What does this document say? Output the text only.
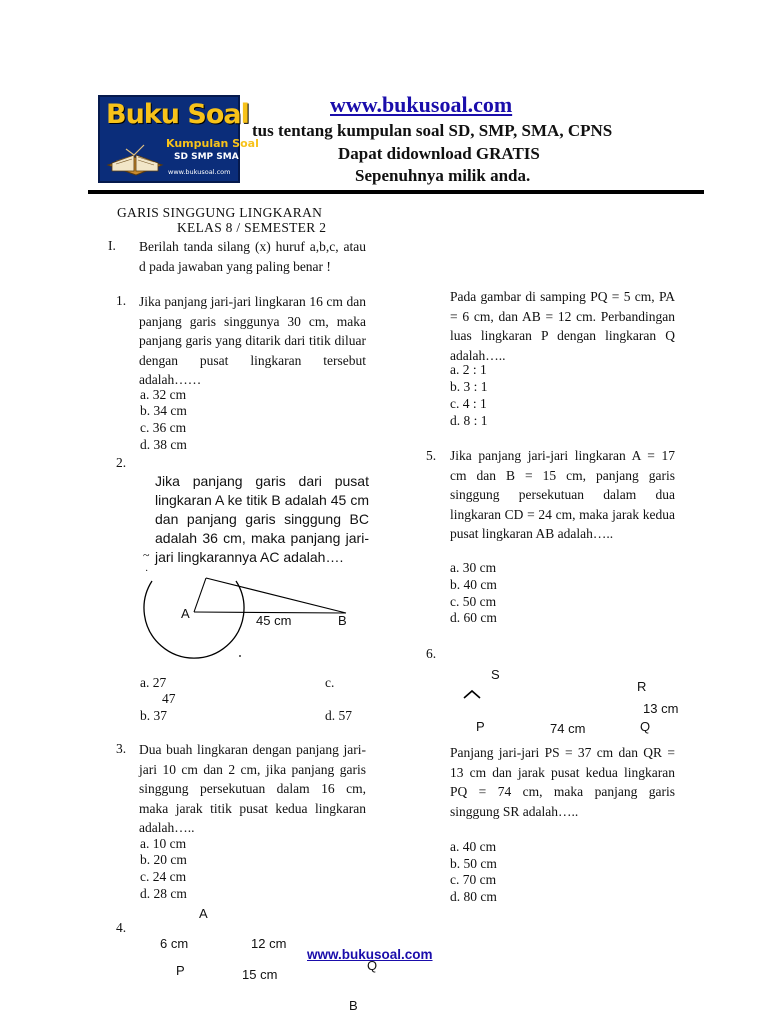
Buku Soal
Kumpulan Soal
SD SMP SMA
www.bukusoal.com
www.bukusoal.com
tus tentang kumpulan soal SD, SMP, SMA, CPNS
Dapat didownload GRATIS
Sepenuhnya milik anda.
GARIS SINGGUNG LINGKARAN
KELAS 8 / SEMESTER 2
I. Berilah tanda silang (x) huruf a,b,c, atau d pada jawaban yang paling benar !
1. Jika panjang jari-jari lingkaran 16 cm dan panjang garis singgunya 30 cm, maka panjang garis yang ditarik dari titik diluar dengan pusat lingkaran tersebut adalah……
a. 32 cm
b. 34 cm
c. 36 cm
d. 38 cm
2.
Jika panjang garis dari pusat lingkaran A ke titik B adalah 45 cm dan panjang garis singgung BC adalah 36 cm, maka panjang jari-jari lingkarannya AC adalah….
~
·
A	45 cm	B
a. 27	c.
47
b. 37	d. 57
3. Dua buah lingkaran dengan panjang jari-jari 10 cm dan 2 cm, jika panjang garis singgung persekutuan dalam 16 cm, maka jarak titik pusat kedua lingkaran adalah…..
a. 10 cm
b. 20 cm
c. 24 cm
d. 28 cm
4.
A
6 cm	12 cm
P	15 cm
Q
B
www.bukusoal.com
Pada gambar di samping PQ = 5 cm, PA = 6 cm, dan AB = 12 cm. Perbandingan luas lingkaran P dengan lingkaran Q adalah…..
a. 2 : 1
b. 3 : 1
c. 4 : 1
d. 8 : 1
5. Jika panjang jari-jari lingkaran A = 17 cm dan B = 15 cm, panjang garis singgung persekutuan dalam dua lingkaran CD = 24 cm, maka jarak kedua pusat lingkaran AB adalah…..
a. 30 cm
b. 40 cm
c. 50 cm
d. 60 cm
6.
S
R
13 cm
P	74 cm	Q
Panjang jari-jari PS = 37 cm dan QR = 13 cm dan jarak pusat kedua lingkaran PQ = 74 cm, maka panjang garis singgung SR adalah…..
a. 40 cm
b. 50 cm
c. 70 cm
d. 80 cm
